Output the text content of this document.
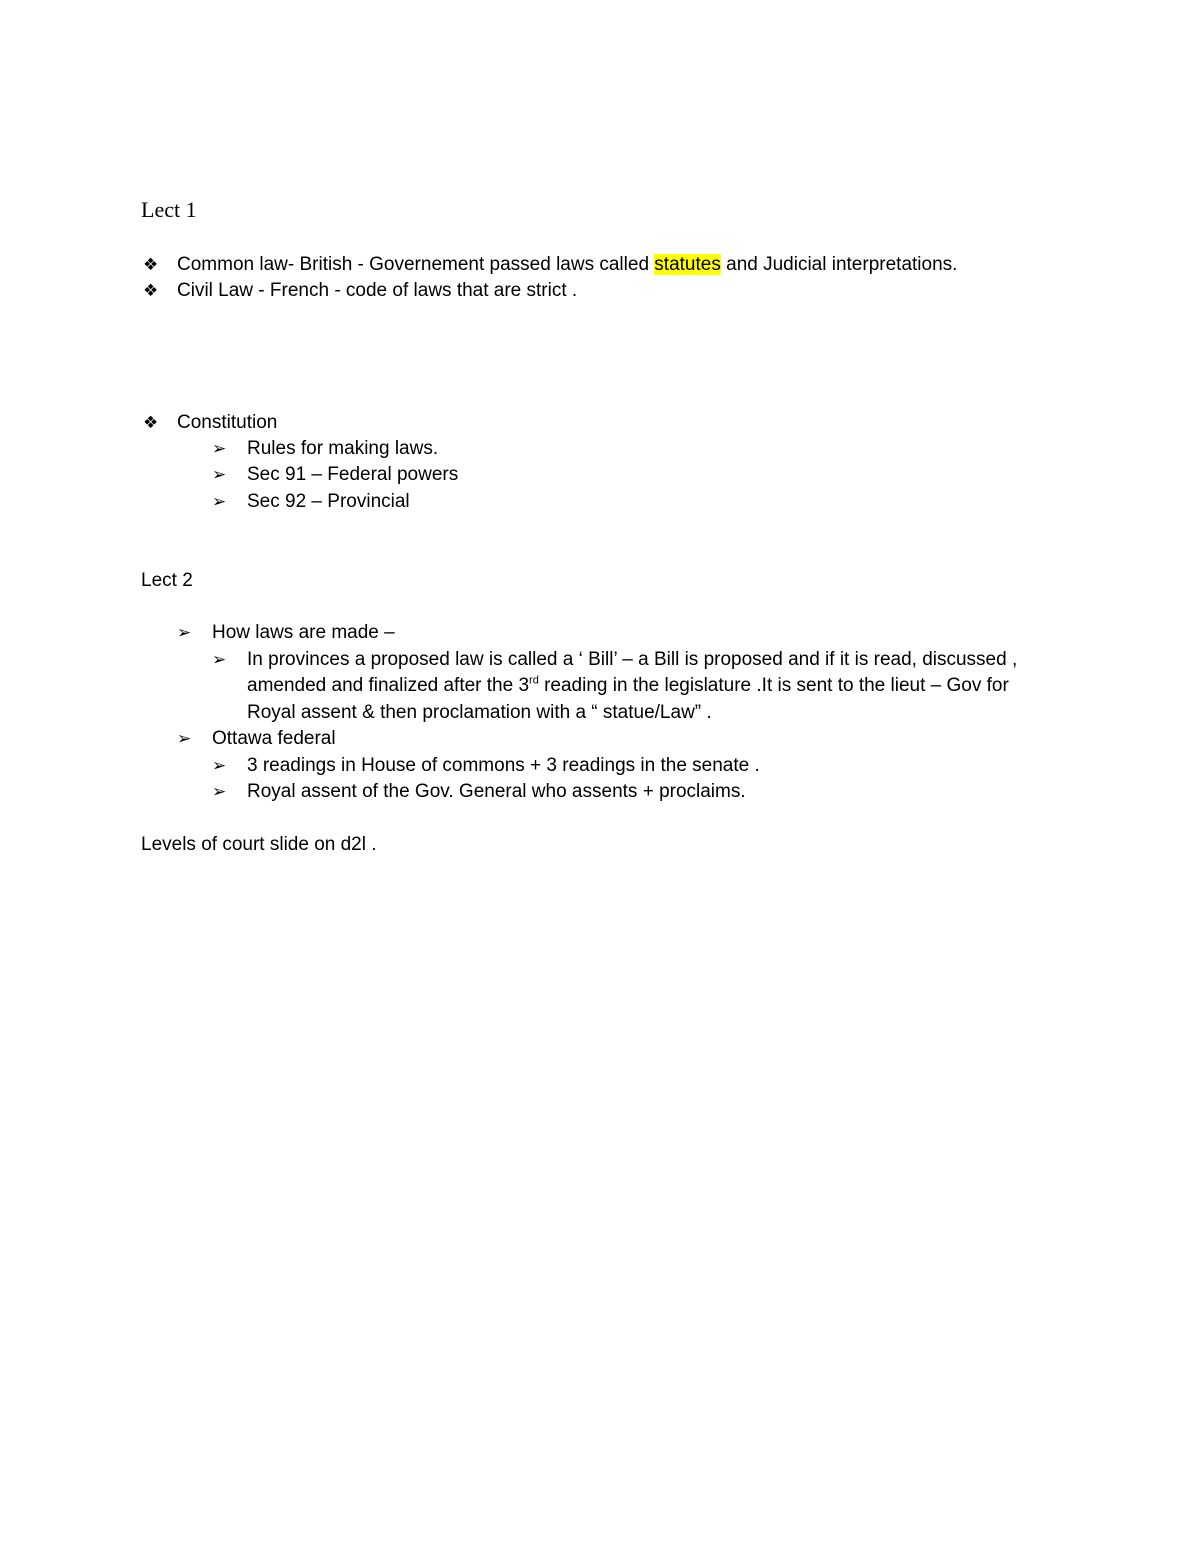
Lect 1
❖ Common law- British - Governement passed laws called statutes and Judicial interpretations.
❖ Civil Law - French - code of laws that are strict .
❖ Constitution
➢ Rules for making laws.
➢ Sec 91 – Federal powers
➢ Sec 92 – Provincial
Lect 2
➢ How laws are made –
➢ In provinces a proposed law is called a ‘ Bill’ – a Bill is proposed and if it is read, discussed ,
amended and finalized after the 3rd reading in the legislature .It is sent to the lieut – Gov for
Royal assent & then proclamation with a “ statue/Law” .
➢ Ottawa federal
➢ 3 readings in House of commons + 3 readings in the senate .
➢ Royal assent of the Gov. General who assents + proclaims.
Levels of court slide on d2l .
